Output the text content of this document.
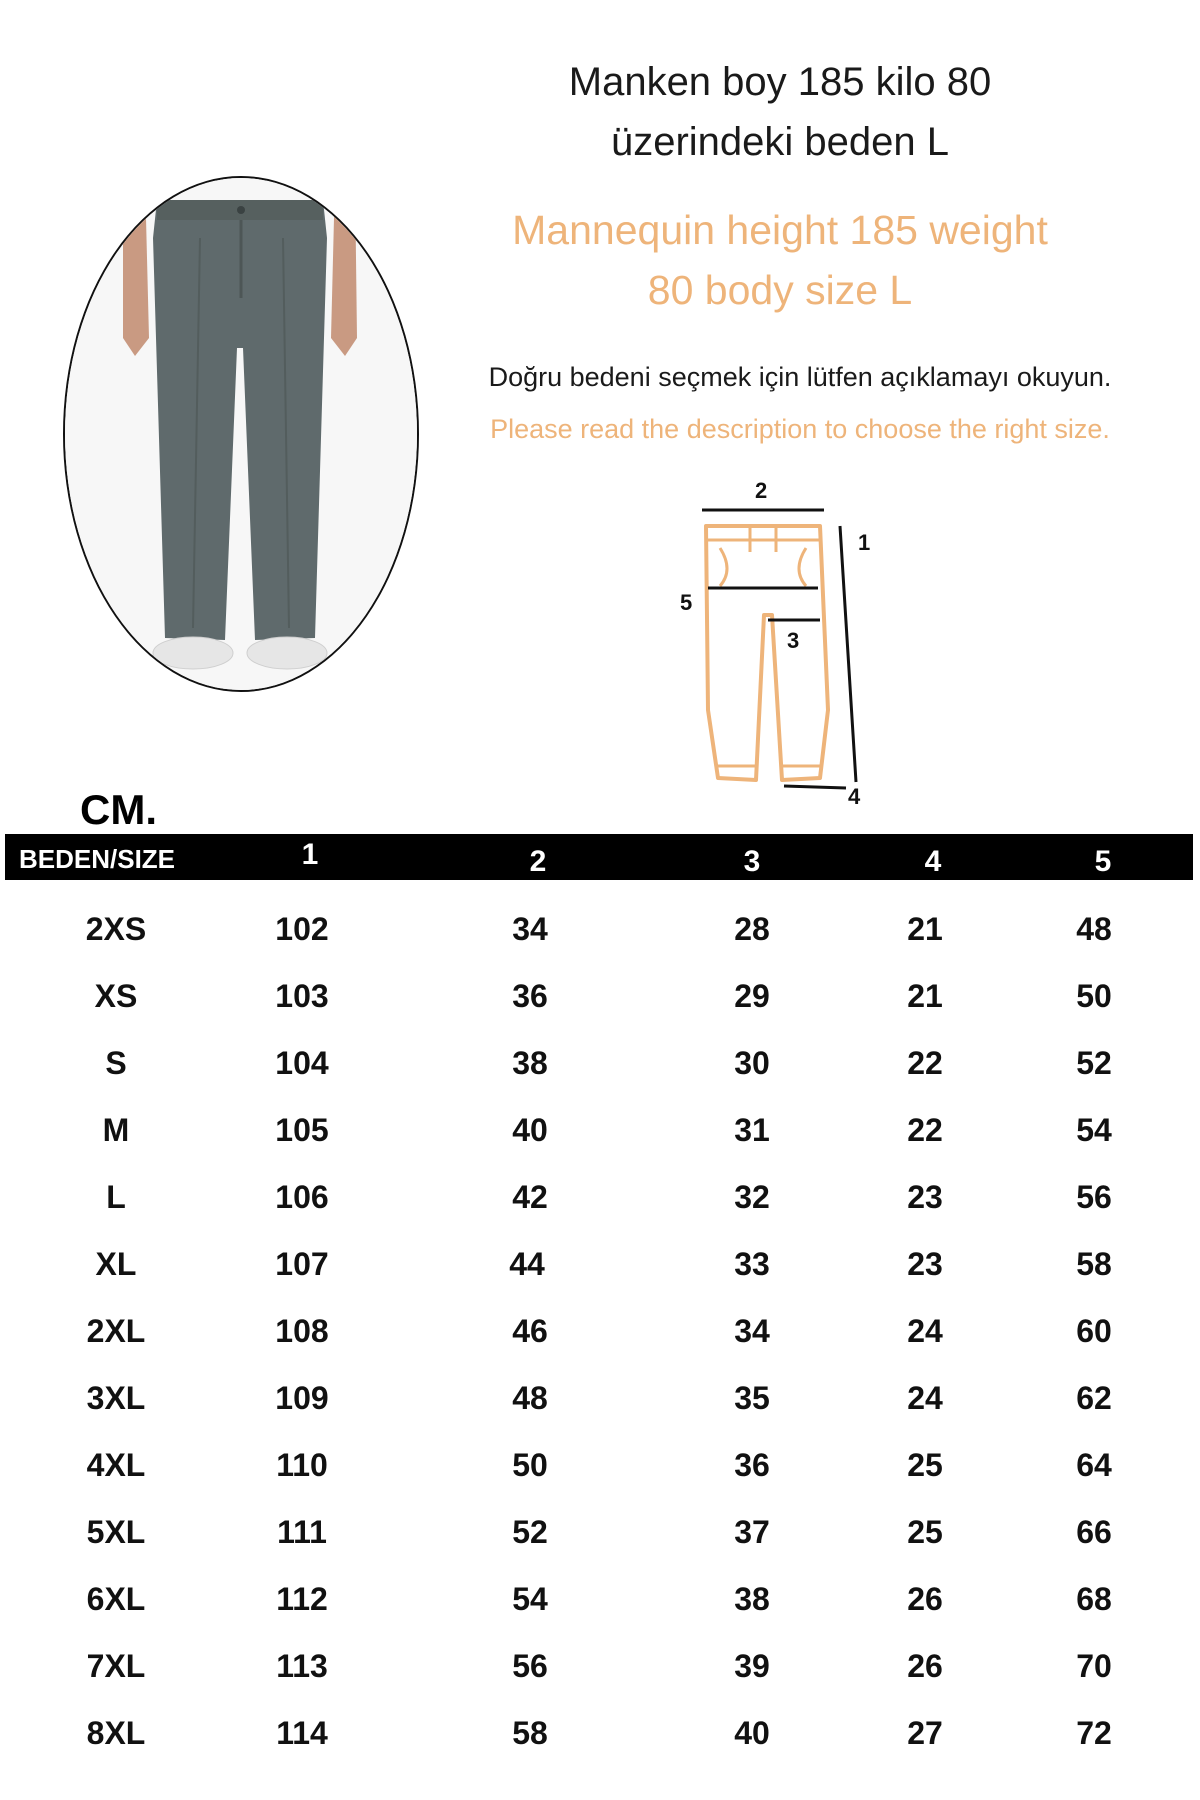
Manken boy 185 kilo 80
üzerindeki beden L
Mannequin height 185 weight
80 body size L
Doğru bedeni seçmek için lütfen açıklamayı okuyun.
Please read the description to choose the right size.
2
1
5
3
4
CM.
BEDEN/SIZE	1	2	3	4	5
2XS	102	34	28	21	48
XS	103	36	29	21	50
S	104	38	30	22	52
M	105	40	31	22	54
L	106	42	32	23	56
XL	107	44	33	23	58
2XL	108	46	34	24	60
3XL	109	48	35	24	62
4XL	110	50	36	25	64
5XL	111	52	37	25	66
6XL	112	54	38	26	68
7XL	113	56	39	26	70
8XL	114	58	40	27	72
